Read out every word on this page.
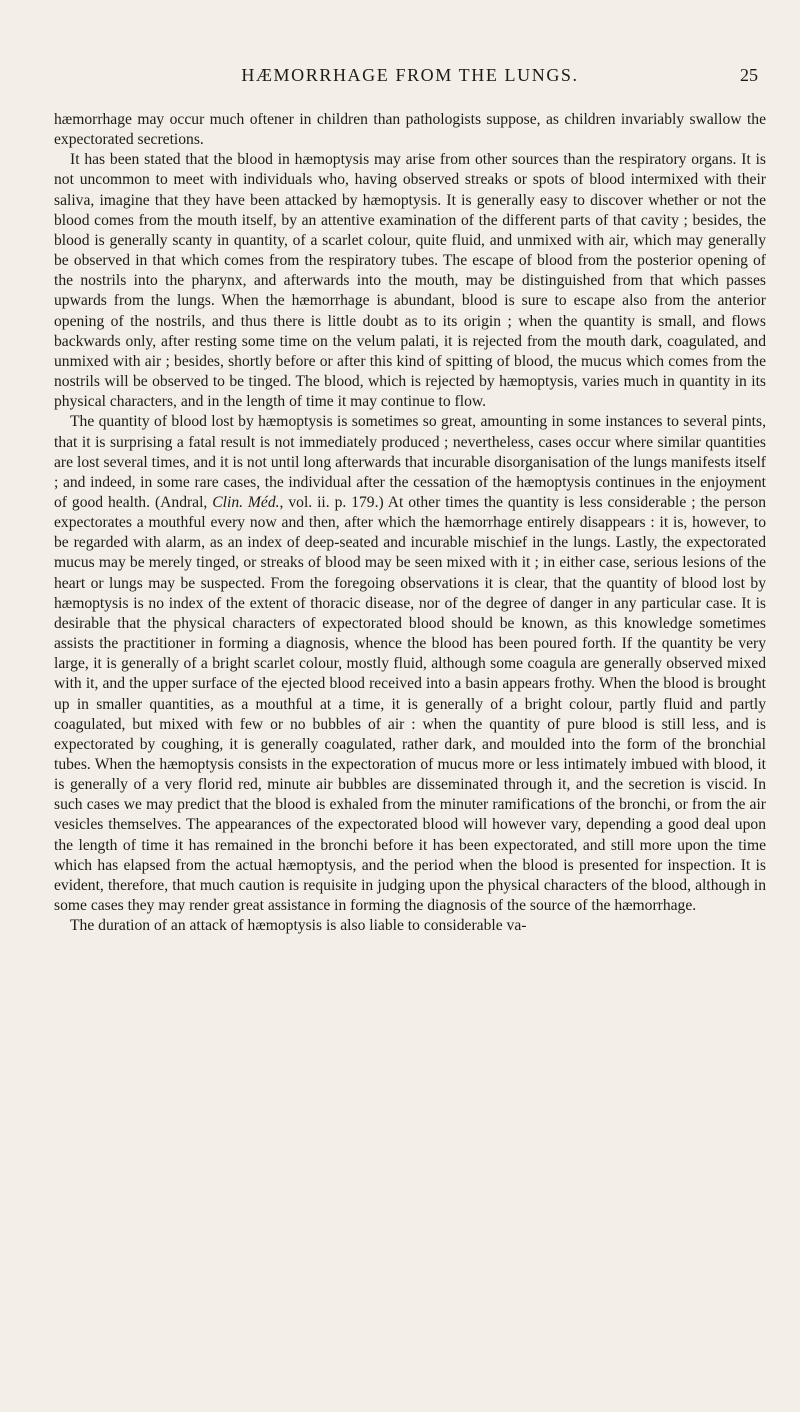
HÆMORRHAGE FROM THE LUNGS.	25

hæmorrhage may occur much oftener in children than pathologists suppose, as children invariably swallow the expectorated secretions.

It has been stated that the blood in hæmoptysis may arise from other sources than the respiratory organs. It is not uncommon to meet with individuals who, having observed streaks or spots of blood intermixed with their saliva, imagine that they have been attacked by hæmoptysis. It is generally easy to discover whether or not the blood comes from the mouth itself, by an attentive examination of the different parts of that cavity ; besides, the blood is generally scanty in quantity, of a scarlet colour, quite fluid, and unmixed with air, which may generally be observed in that which comes from the respiratory tubes. The escape of blood from the posterior opening of the nostrils into the pharynx, and afterwards into the mouth, may be distinguished from that which passes upwards from the lungs. When the hæmorrhage is abundant, blood is sure to escape also from the anterior opening of the nostrils, and thus there is little doubt as to its origin ; when the quantity is small, and flows backwards only, after resting some time on the velum palati, it is rejected from the mouth dark, coagulated, and unmixed with air ; besides, shortly before or after this kind of spitting of blood, the mucus which comes from the nostrils will be observed to be tinged. The blood, which is rejected by hæmoptysis, varies much in quantity in its physical characters, and in the length of time it may continue to flow.

The quantity of blood lost by hæmoptysis is sometimes so great, amounting in some instances to several pints, that it is surprising a fatal result is not immediately produced ; nevertheless, cases occur where similar quantities are lost several times, and it is not until long afterwards that incurable disorganisation of the lungs manifests itself ; and indeed, in some rare cases, the individual after the cessation of the hæmoptysis continues in the enjoyment of good health. (Andral, Clin. Méd., vol. ii. p. 179.) At other times the quantity is less considerable ; the person expectorates a mouthful every now and then, after which the hæmorrhage entirely disappears : it is, however, to be regarded with alarm, as an index of deep-seated and incurable mischief in the lungs. Lastly, the expectorated mucus may be merely tinged, or streaks of blood may be seen mixed with it ; in either case, serious lesions of the heart or lungs may be suspected. From the foregoing observations it is clear, that the quantity of blood lost by hæmoptysis is no index of the extent of thoracic disease, nor of the degree of danger in any particular case. It is desirable that the physical characters of expectorated blood should be known, as this knowledge sometimes assists the practitioner in forming a diagnosis, whence the blood has been poured forth. If the quantity be very large, it is generally of a bright scarlet colour, mostly fluid, although some coagula are generally observed mixed with it, and the upper surface of the ejected blood received into a basin appears frothy. When the blood is brought up in smaller quantities, as a mouthful at a time, it is generally of a bright colour, partly fluid and partly coagulated, but mixed with few or no bubbles of air : when the quantity of pure blood is still less, and is expectorated by coughing, it is generally coagulated, rather dark, and moulded into the form of the bronchial tubes. When the hæmoptysis consists in the expectoration of mucus more or less intimately imbued with blood, it is generally of a very florid red, minute air bubbles are disseminated through it, and the secretion is viscid. In such cases we may predict that the blood is exhaled from the minuter ramifications of the bronchi, or from the air vesicles themselves. The appearances of the expectorated blood will however vary, depending a good deal upon the length of time it has remained in the bronchi before it has been expectorated, and still more upon the time which has elapsed from the actual hæmoptysis, and the period when the blood is presented for inspection. It is evident, therefore, that much caution is requisite in judging upon the physical characters of the blood, although in some cases they may render great assistance in forming the diagnosis of the source of the hæmorrhage.

The duration of an attack of hæmoptysis is also liable to considerable va-
